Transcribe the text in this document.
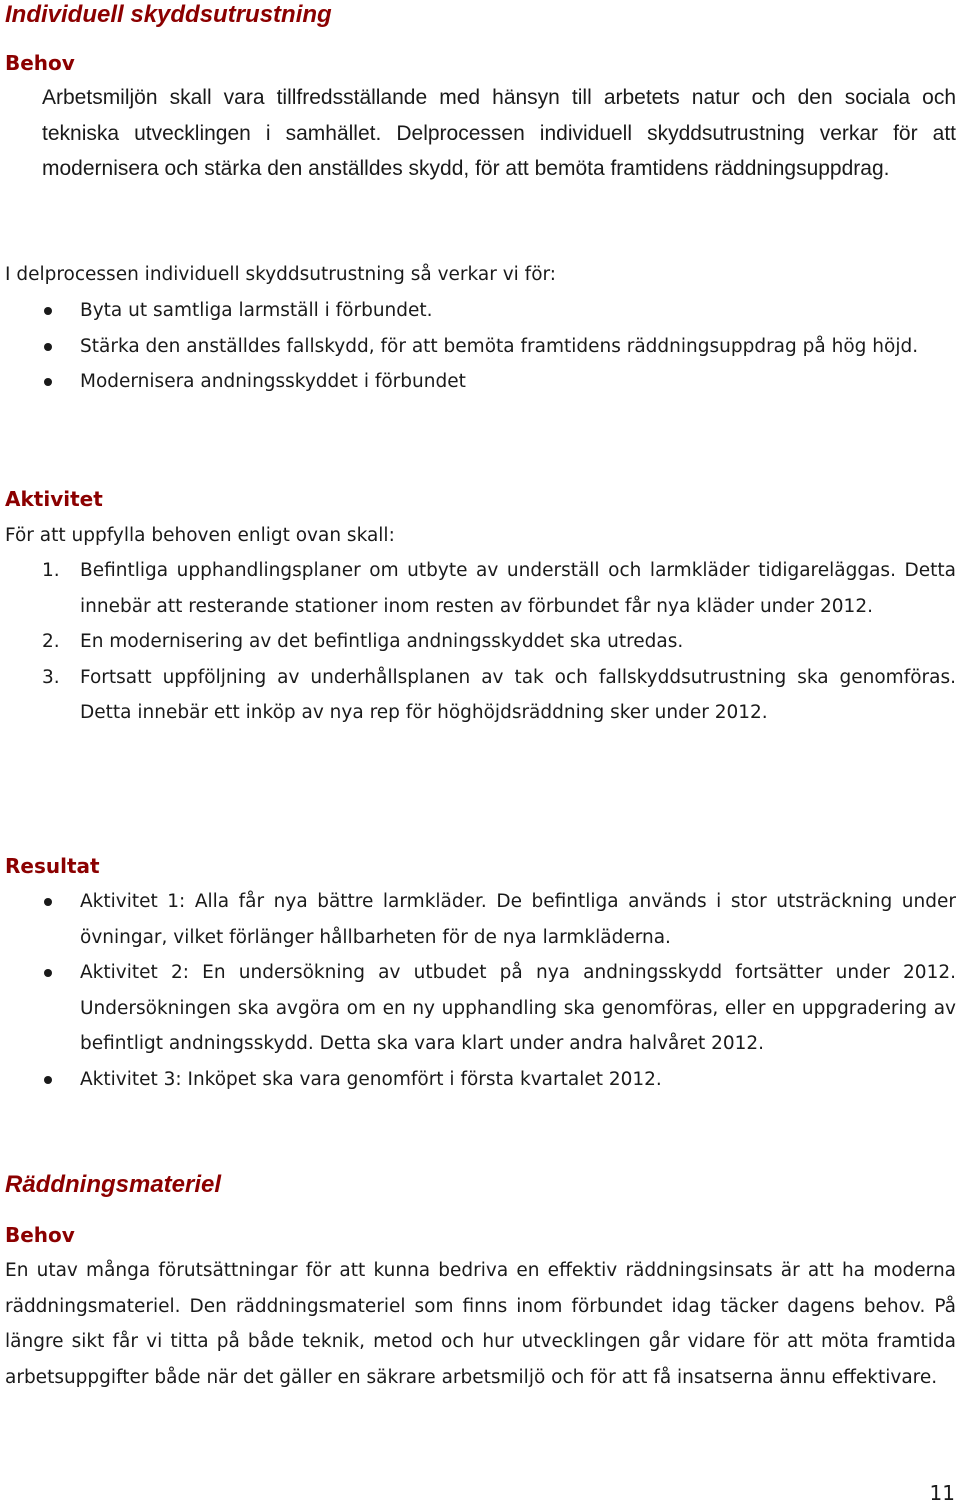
Individuell skyddsutrustning
Behov

Arbetsmiljön skall vara tillfredsställande med hänsyn till arbetets natur och den sociala och tekniska utvecklingen i samhället. Delprocessen individuell skyddsutrustning verkar för att modernisera och stärka den anställdes skydd, för att bemöta framtidens räddningsuppdrag.

I delprocessen individuell skyddsutrustning så verkar vi för:

Byta ut samtliga larmställ i förbundet.
Stärka den anställdes fallskydd, för att bemöta framtidens räddningsuppdrag på hög höjd.
Modernisera andningsskyddet i förbundet
Aktivitet

För att uppfylla behoven enligt ovan skall:

1.	Befintliga upphandlingsplaner om utbyte av underställ och larmkläder tidigareläggas. Detta innebär att resterande stationer inom resten av förbundet får nya kläder under 2012.
2.	En modernisering av det befintliga andningsskyddet ska utredas.
3.	Fortsatt uppföljning av underhållsplanen av tak och fallskyddsutrustning ska genomföras. Detta innebär ett inköp av nya rep för höghöjdsräddning sker under 2012.
Resultat
Aktivitet 1: Alla får nya bättre larmkläder. De befintliga används i stor utsträckning under övningar, vilket förlänger hållbarheten för de nya larmkläderna.
Aktivitet 2: En undersökning av utbudet på nya andningsskydd fortsätter under 2012. Undersökningen ska avgöra om en ny upphandling ska genomföras, eller en uppgradering av befintligt andningsskydd. Detta ska vara klart under andra halvåret 2012.
Aktivitet 3: Inköpet ska vara genomfört i första kvartalet 2012.
Räddningsmateriel
Behov

En utav många förutsättningar för att kunna bedriva en effektiv räddningsinsats är att ha moderna räddningsmateriel. Den räddningsmateriel som finns inom förbundet idag täcker dagens behov. På längre sikt får vi titta på både teknik, metod och hur utvecklingen går vidare för att möta framtida arbetsuppgifter både när det gäller en säkrare arbetsmiljö och för att få insatserna ännu effektivare.

11
